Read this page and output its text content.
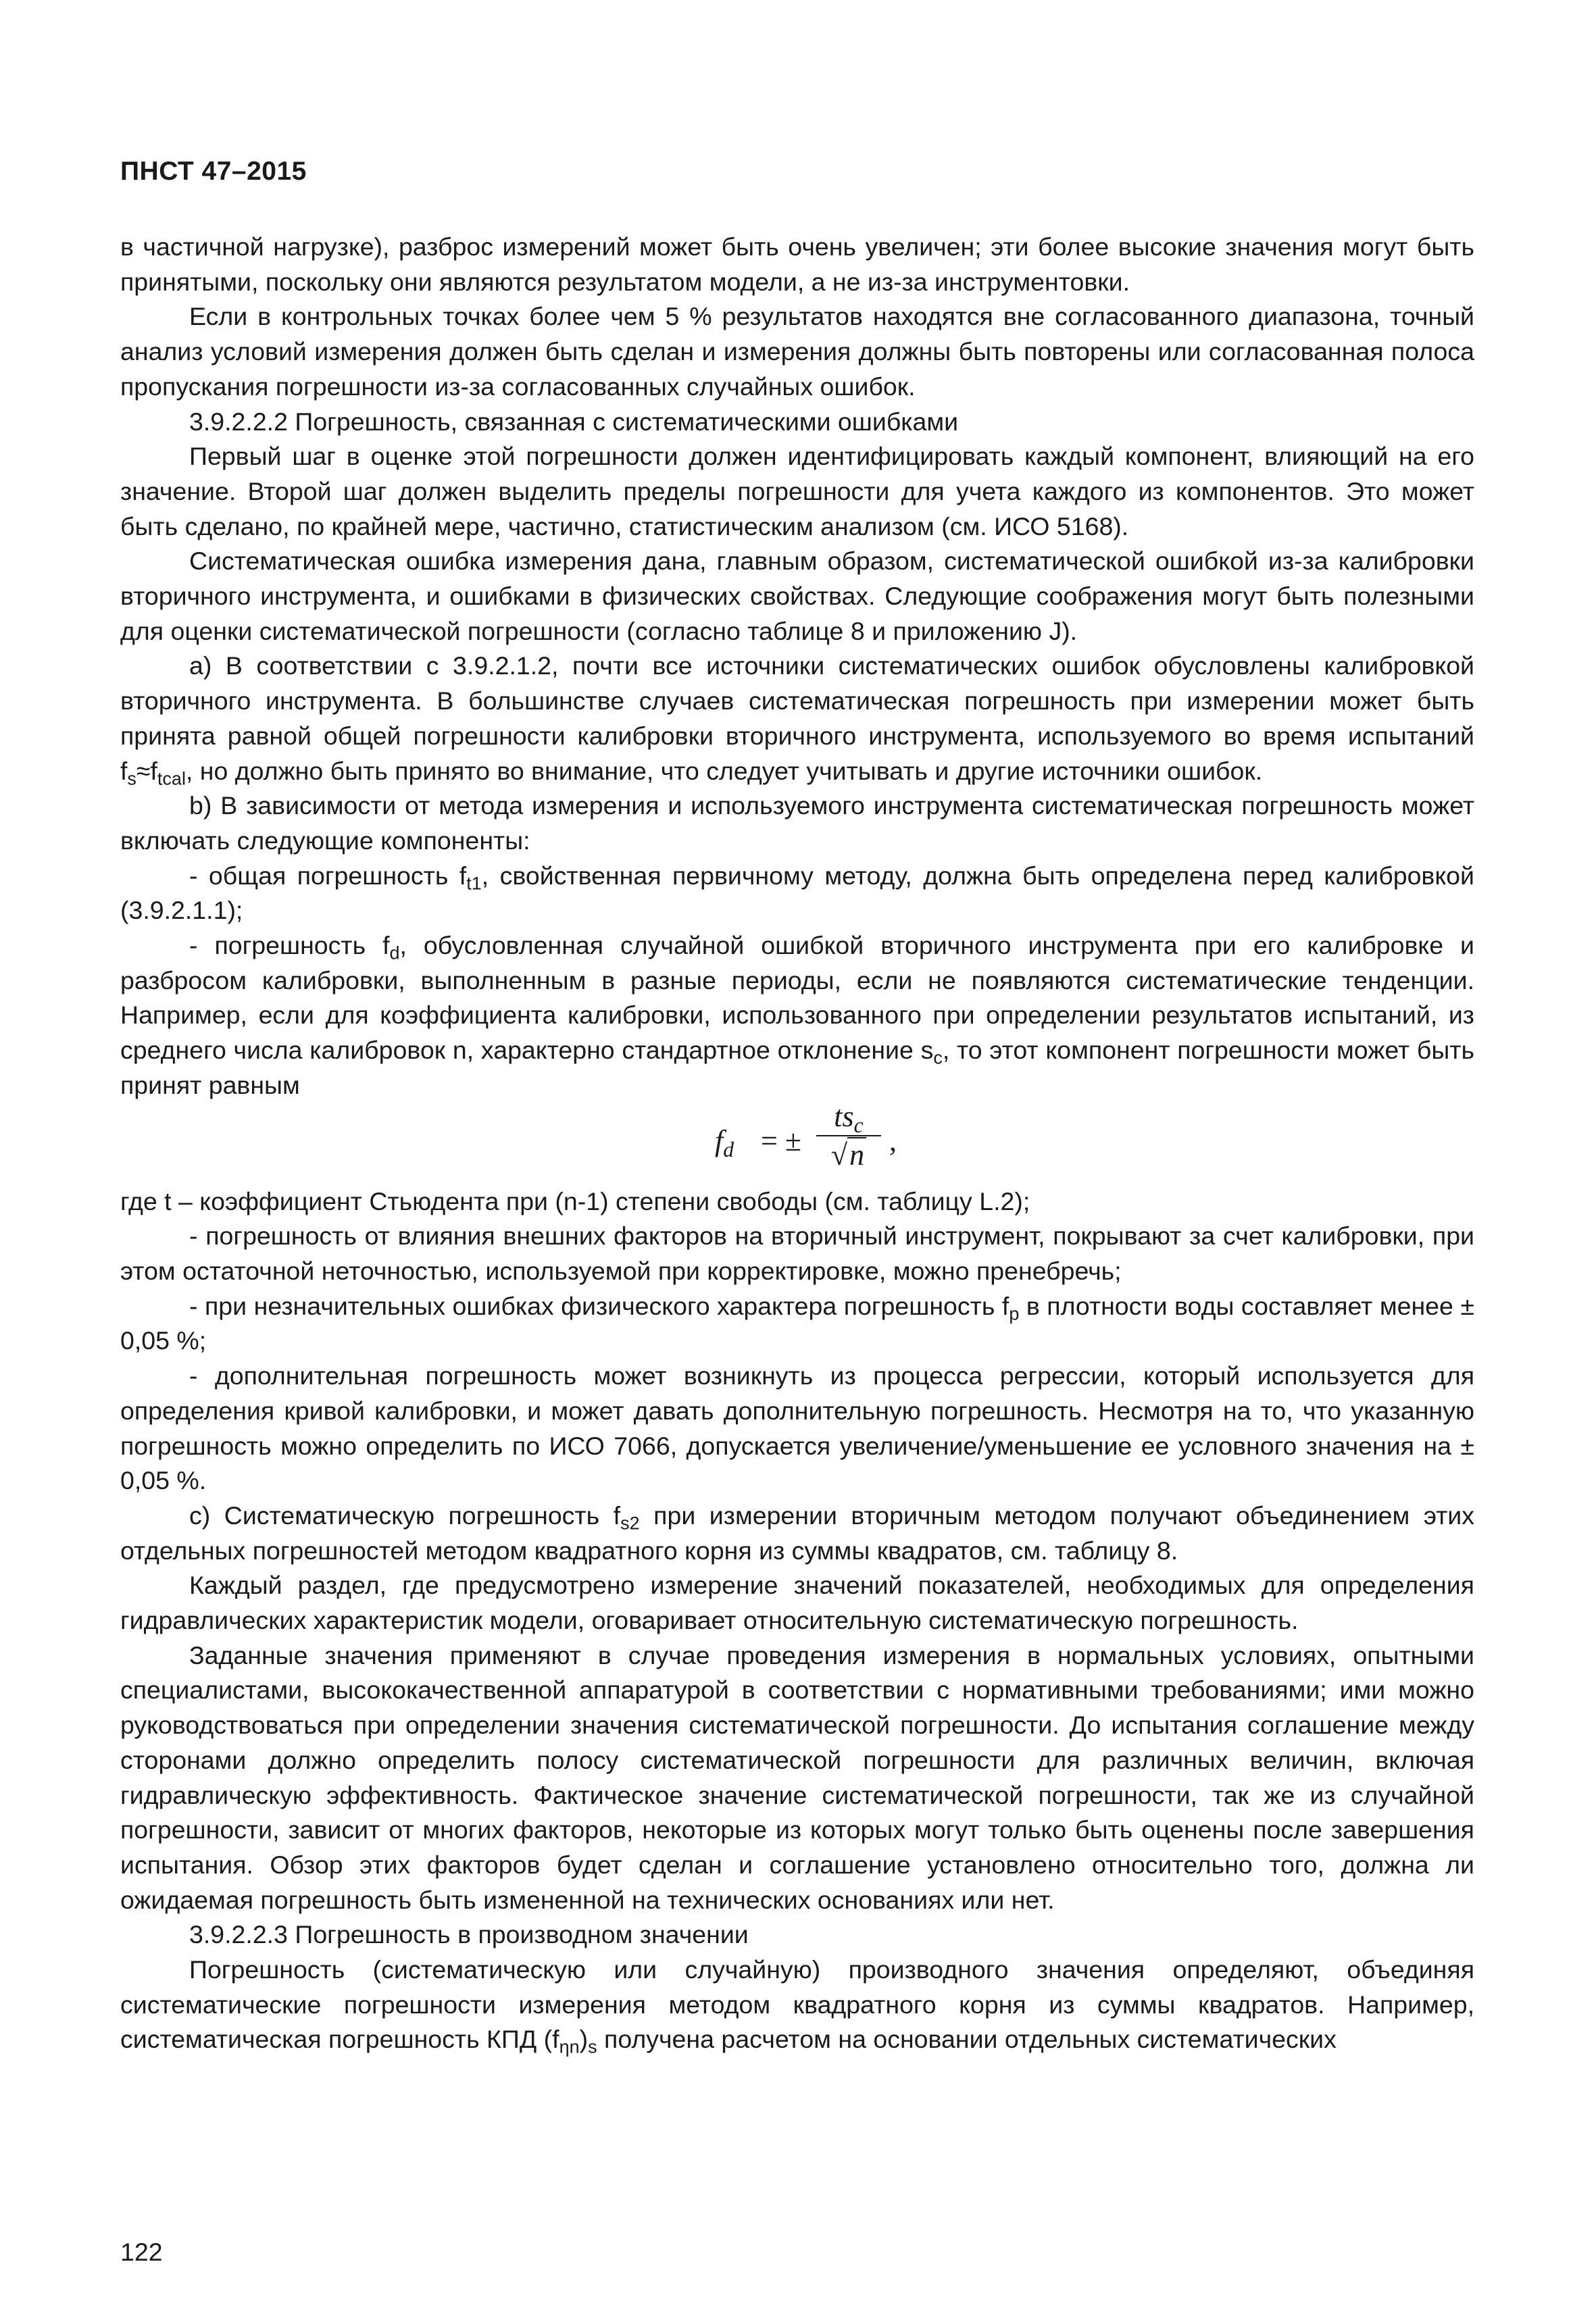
ПНСТ 47–2015

в частичной нагрузке), разброс измерений может быть очень увеличен; эти более высокие значения могут быть принятыми, поскольку они являются результатом модели, а не из-за инструментовки.

Если в контрольных точках более чем 5 % результатов находятся вне согласованного диапазона, точный анализ условий измерения должен быть сделан и измерения должны быть повторены или согласованная полоса пропускания погрешности из-за согласованных случайных ошибок.

3.9.2.2.2 Погрешность, связанная с систематическими ошибками

Первый шаг в оценке этой погрешности должен идентифицировать каждый компонент, влияющий на его значение. Второй шаг должен выделить пределы погрешности для учета каждого из компонентов. Это может быть сделано, по крайней мере, частично, статистическим анализом (см. ИСО 5168).

Систематическая ошибка измерения дана, главным образом, систематической ошибкой из-за калибровки вторичного инструмента, и ошибками в физических свойствах. Следующие соображения могут быть полезными для оценки систематической погрешности (согласно таблице 8 и приложению J).

а) В соответствии с 3.9.2.1.2, почти все источники систематических ошибок обусловлены калибровкой вторичного инструмента. В большинстве случаев систематическая погрешность при измерении может быть принята равной общей погрешности калибровки вторичного инструмента, используемого во время испытаний $f_s\approx f_{tcal}$, но должно быть принято во внимание, что следует учитывать и другие источники ошибок.

b) В зависимости от метода измерения и используемого инструмента систематическая погрешность может включать следующие компоненты:

- общая погрешность $f_{t1}$, свойственная первичному методу, должна быть определена перед калибровкой (3.9.2.1.1);

- погрешность $f_d$, обусловленная случайной ошибкой вторичного инструмента при его калибровке и разбросом калибровки, выполненным в разные периоды, если не появляются систематические тенденции. Например, если для коэффициента калибровки, использованного при определении результатов испытаний, из среднего числа калибровок n, характерно стандартное отклонение $s_c$, то этот компонент погрешности может быть принят равным

$f_d$ = ±
$ts_c$
√n ,

где t – коэффициент Стьюдента при (n-1) степени свободы (см. таблицу L.2);

- погрешность от влияния внешних факторов на вторичный инструмент, покрывают за счет калибровки, при этом остаточной неточностью, используемой при корректировке, можно пренебречь;

- при незначительных ошибках физического характера погрешность $f_p$ в плотности воды составляет менее ± 0,05 %;

- дополнительная погрешность может возникнуть из процесса регрессии, который используется для определения кривой калибровки, и может давать дополнительную погрешность. Несмотря на то, что указанную погрешность можно определить по ИСО 7066, допускается увеличение/уменьшение ее условного значения на ± 0,05 %.

с) Систематическую погрешность $f_{s2}$ при измерении вторичным методом получают объединением этих отдельных погрешностей методом квадратного корня из суммы квадратов, см. таблицу 8.

Каждый раздел, где предусмотрено измерение значений показателей, необходимых для определения гидравлических характеристик модели, оговаривает относительную систематическую погрешность.

Заданные значения применяют в случае проведения измерения в нормальных условиях, опытными специалистами, высококачественной аппаратурой в соответствии с нормативными требованиями; ими можно руководствоваться при определении значения систематической погрешности. До испытания соглашение между сторонами должно определить полосу систематической погрешности для различных величин, включая гидравлическую эффективность. Фактическое значение систематической погрешности, так же из случайной погрешности, зависит от многих факторов, некоторые из которых могут только быть оценены после завершения испытания. Обзор этих факторов будет сделан и соглашение установлено относительно того, должна ли ожидаемая погрешность быть измененной на технических основаниях или нет.

3.9.2.2.3 Погрешность в производном значении

Погрешность (систематическую или случайную) производного значения определяют, объединяя систематические погрешности измерения методом квадратного корня из суммы квадратов. Например, систематическая погрешность КПД $(f_{\eta n})_s$ получена расчетом на основании отдельных систематических

122
